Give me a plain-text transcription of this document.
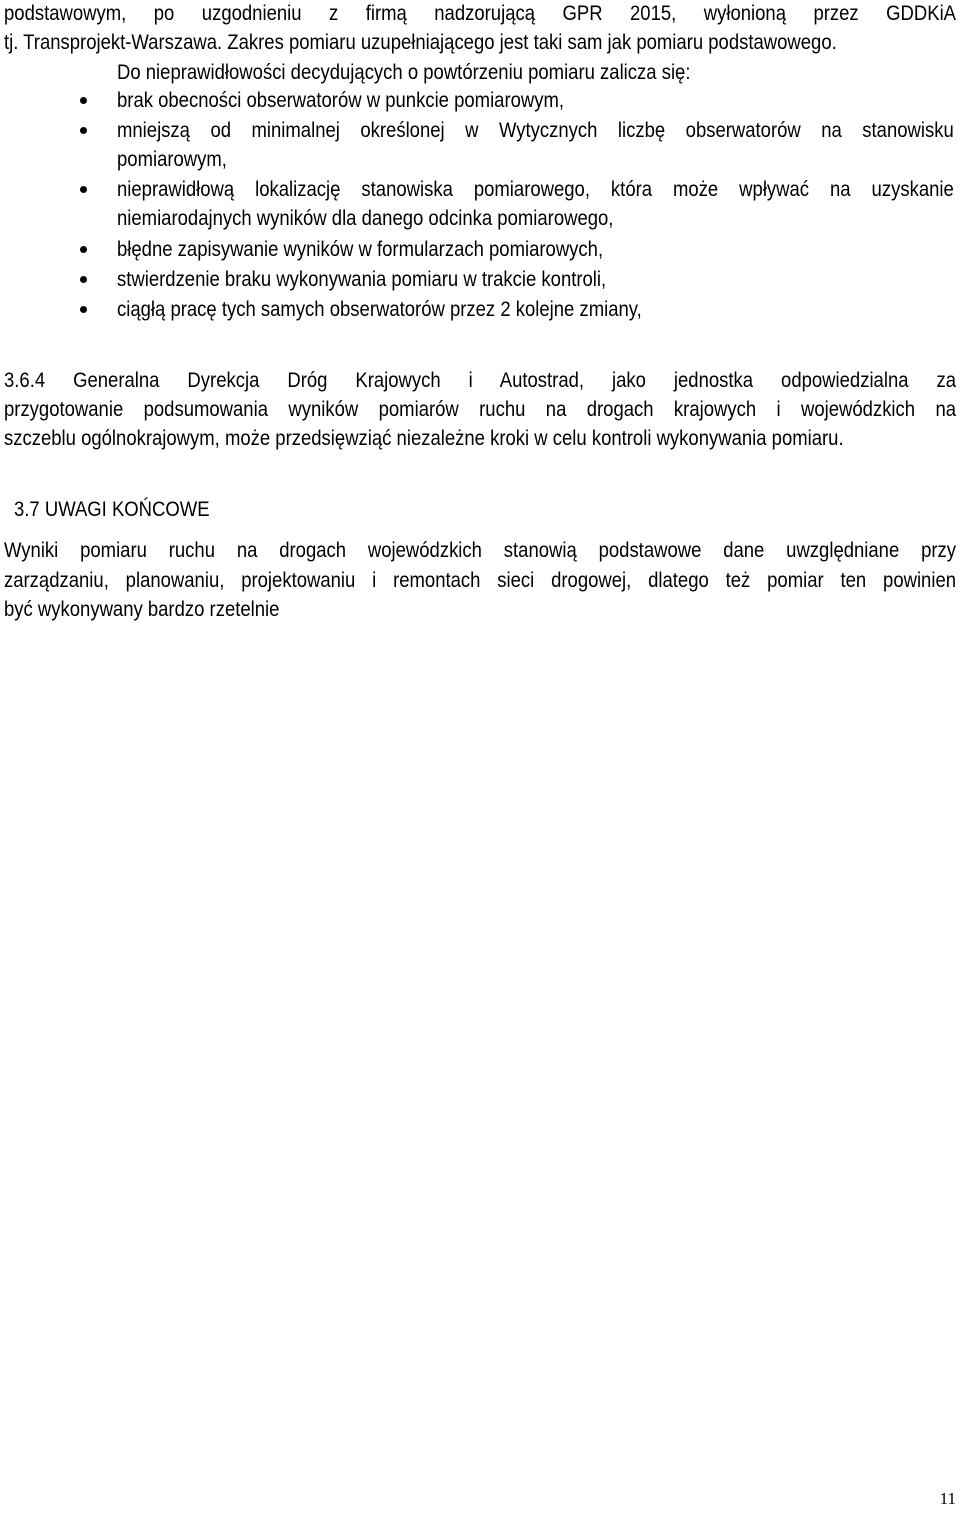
podstawowym, po uzgodnieniu z firmą nadzorującą GPR 2015, wyłonioną przez GDDKiA
tj. Transprojekt-Warszawa. Zakres pomiaru uzupełniającego jest taki sam jak pomiaru podstawowego.
Do nieprawidłowości decydujących o powtórzeniu pomiaru zalicza się:
brak obecności obserwatorów w punkcie pomiarowym,
mniejszą od minimalnej określonej w Wytycznych liczbę obserwatorów na stanowisku
pomiarowym,
nieprawidłową lokalizację stanowiska pomiarowego, która może wpływać na uzyskanie
niemiarodajnych wyników dla danego odcinka pomiarowego,
błędne zapisywanie wyników w formularzach pomiarowych,
stwierdzenie braku wykonywania pomiaru w trakcie kontroli,
ciągłą pracę tych samych obserwatorów przez 2 kolejne zmiany,
3.6.4 Generalna Dyrekcja Dróg Krajowych i Autostrad, jako jednostka odpowiedzialna za
przygotowanie podsumowania wyników pomiarów ruchu na drogach krajowych i wojewódzkich na
szczeblu ogólnokrajowym, może przedsięwziąć niezależne kroki w celu kontroli wykonywania pomiaru.
3.7 UWAGI KOŃCOWE
Wyniki pomiaru ruchu na drogach wojewódzkich stanowią podstawowe dane uwzględniane przy
zarządzaniu, planowaniu, projektowaniu i remontach sieci drogowej, dlatego też pomiar ten powinien
być wykonywany bardzo rzetelnie
11
